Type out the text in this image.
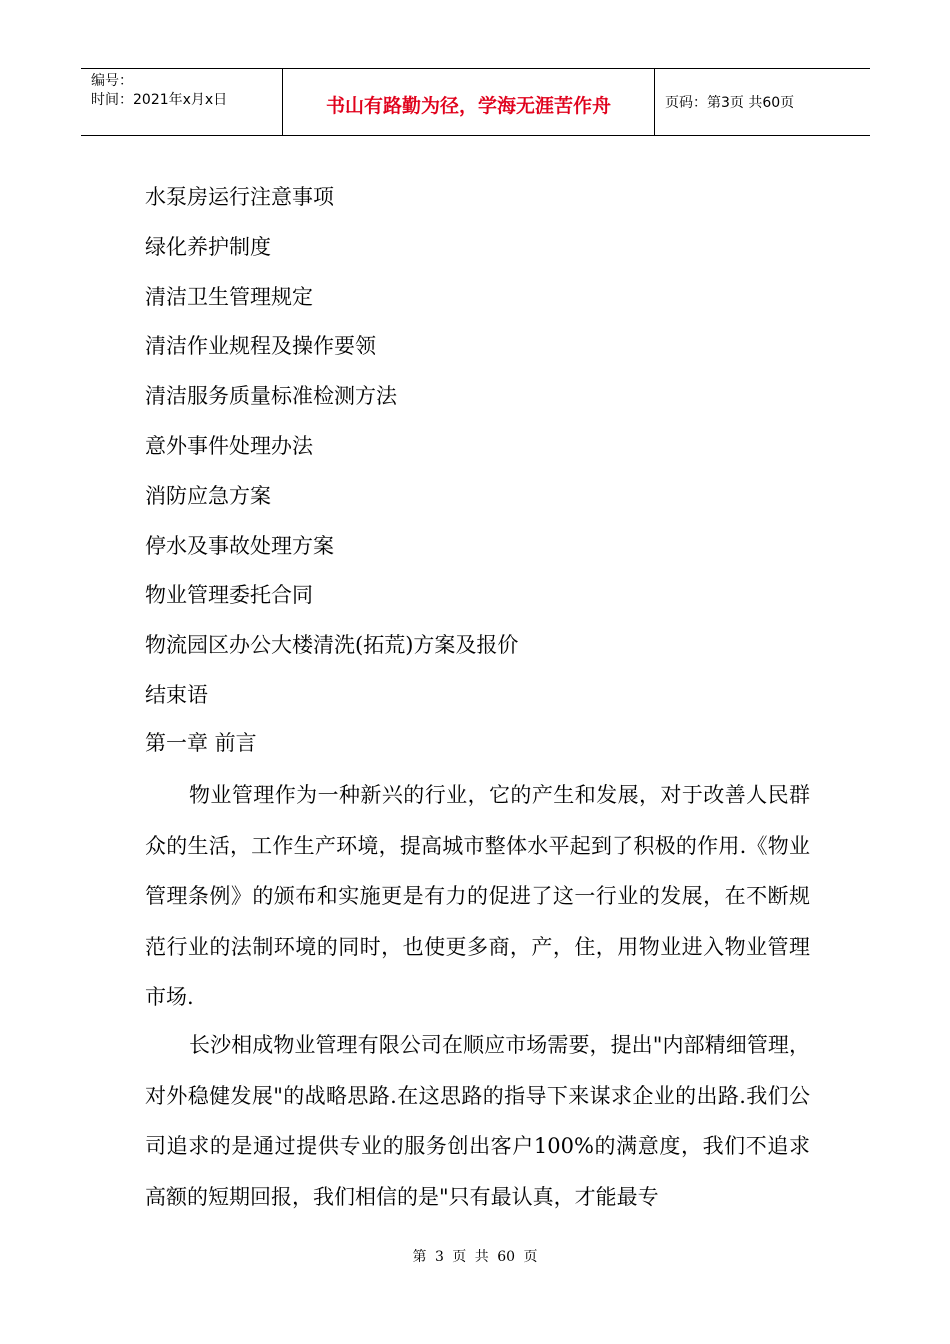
编号：
时间：2021年x月x日	书山有路勤为径，学海无涯苦作舟	页码：第3页 共60页
水泵房运行注意事项
绿化养护制度
清洁卫生管理规定
清洁作业规程及操作要领
清洁服务质量标准检测方法
意外事件处理办法
消防应急方案
停水及事故处理方案
物业管理委托合同
物流园区办公大楼清洗(拓荒)方案及报价
结束语
第一章 前言

物业管理作为一种新兴的行业，它的产生和发展，对于改善人民群众的生活，工作生产环境，提高城市整体水平起到了积极的作用.《物业管理条例》的颁布和实施更是有力的促进了这一行业的发展，在不断规范行业的法制环境的同时，也使更多商，产，住，用物业进入物业管理市场.

长沙相成物业管理有限公司在顺应市场需要，提出"内部精细管理，对外稳健发展"的战略思路.在这思路的指导下来谋求企业的出路.我们公司追求的是通过提供专业的服务创出客户100%的满意度，我们不追求高额的短期回报，我们相信的是"只有最认真，才能最专

第 3 页 共 60 页
